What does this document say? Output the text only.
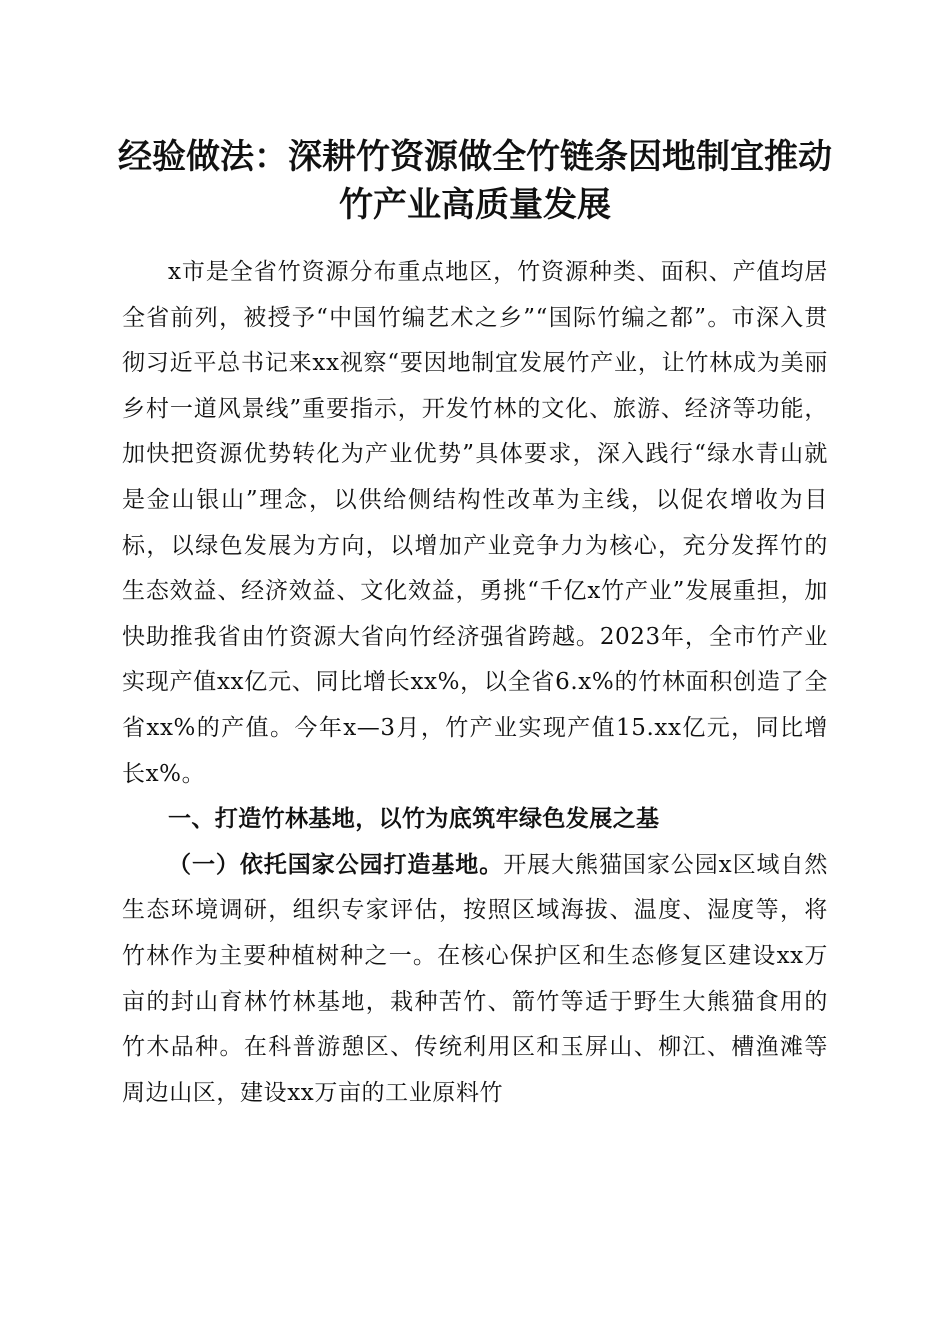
经验做法：深耕竹资源做全竹链条因地制宜推动竹产业高质量发展

x市是全省竹资源分布重点地区，竹资源种类、面积、产值均居全省前列，被授予“中国竹编艺术之乡”“国际竹编之都”。市深入贯彻习近平总书记来xx视察“要因地制宜发展竹产业，让竹林成为美丽乡村一道风景线”重要指示，开发竹林的文化、旅游、经济等功能，加快把资源优势转化为产业优势”具体要求，深入践行“绿水青山就是金山银山”理念，以供给侧结构性改革为主线，以促农增收为目标，以绿色发展为方向，以增加产业竞争力为核心，充分发挥竹的生态效益、经济效益、文化效益，勇挑“千亿x竹产业”发展重担，加快助推我省由竹资源大省向竹经济强省跨越。2023年，全市竹产业实现产值xx亿元、同比增长xx%，以全省6.x%的竹林面积创造了全省xx%的产值。今年x—3月，竹产业实现产值15.xx亿元，同比增长x%。

一、打造竹林基地，以竹为底筑牢绿色发展之基

（一）依托国家公园打造基地。开展大熊猫国家公园x区域自然生态环境调研，组织专家评估，按照区域海拔、温度、湿度等，将竹林作为主要种植树种之一。在核心保护区和生态修复区建设xx万亩的封山育林竹林基地，栽种苦竹、箭竹等适于野生大熊猫食用的竹木品种。在科普游憩区、传统利用区和玉屏山、柳江、槽渔滩等周边山区，建设xx万亩的工业原料竹
